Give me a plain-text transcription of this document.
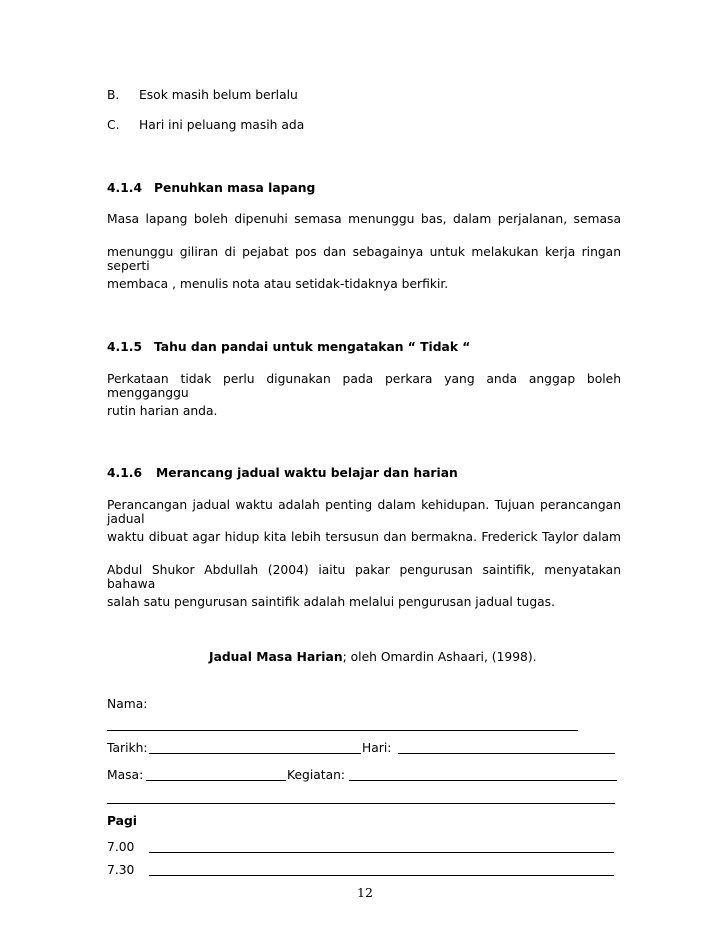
B. Esok masih belum berlalu
C. Hari ini peluang masih ada
4.1.4 Penuhkan masa lapang
Masa lapang boleh dipenuhi semasa menunggu bas, dalam perjalanan, semasa
menunggu giliran di pejabat pos dan sebagainya untuk melakukan kerja ringan seperti
membaca , menulis nota atau setidak-tidaknya berfikir.
4.1.5 Tahu dan pandai untuk mengatakan “ Tidak “
Perkataan tidak perlu digunakan pada perkara yang anda anggap boleh mengganggu
rutin harian anda.
4.1.6 Merancang jadual waktu belajar dan harian
Perancangan jadual waktu adalah penting dalam kehidupan. Tujuan perancangan jadual
waktu dibuat agar hidup kita lebih tersusun dan bermakna. Frederick Taylor dalam
Abdul Shukor Abdullah (2004) iaitu pakar pengurusan saintifik, menyatakan bahawa
salah satu pengurusan saintifik adalah melalui pengurusan jadual tugas.
Jadual Masa Harian; oleh Omardin Ashaari, (1998).
Nama:
Tarikh:	Hari:
Masa:	Kegiatan:
Pagi
7.00
7.30
12
